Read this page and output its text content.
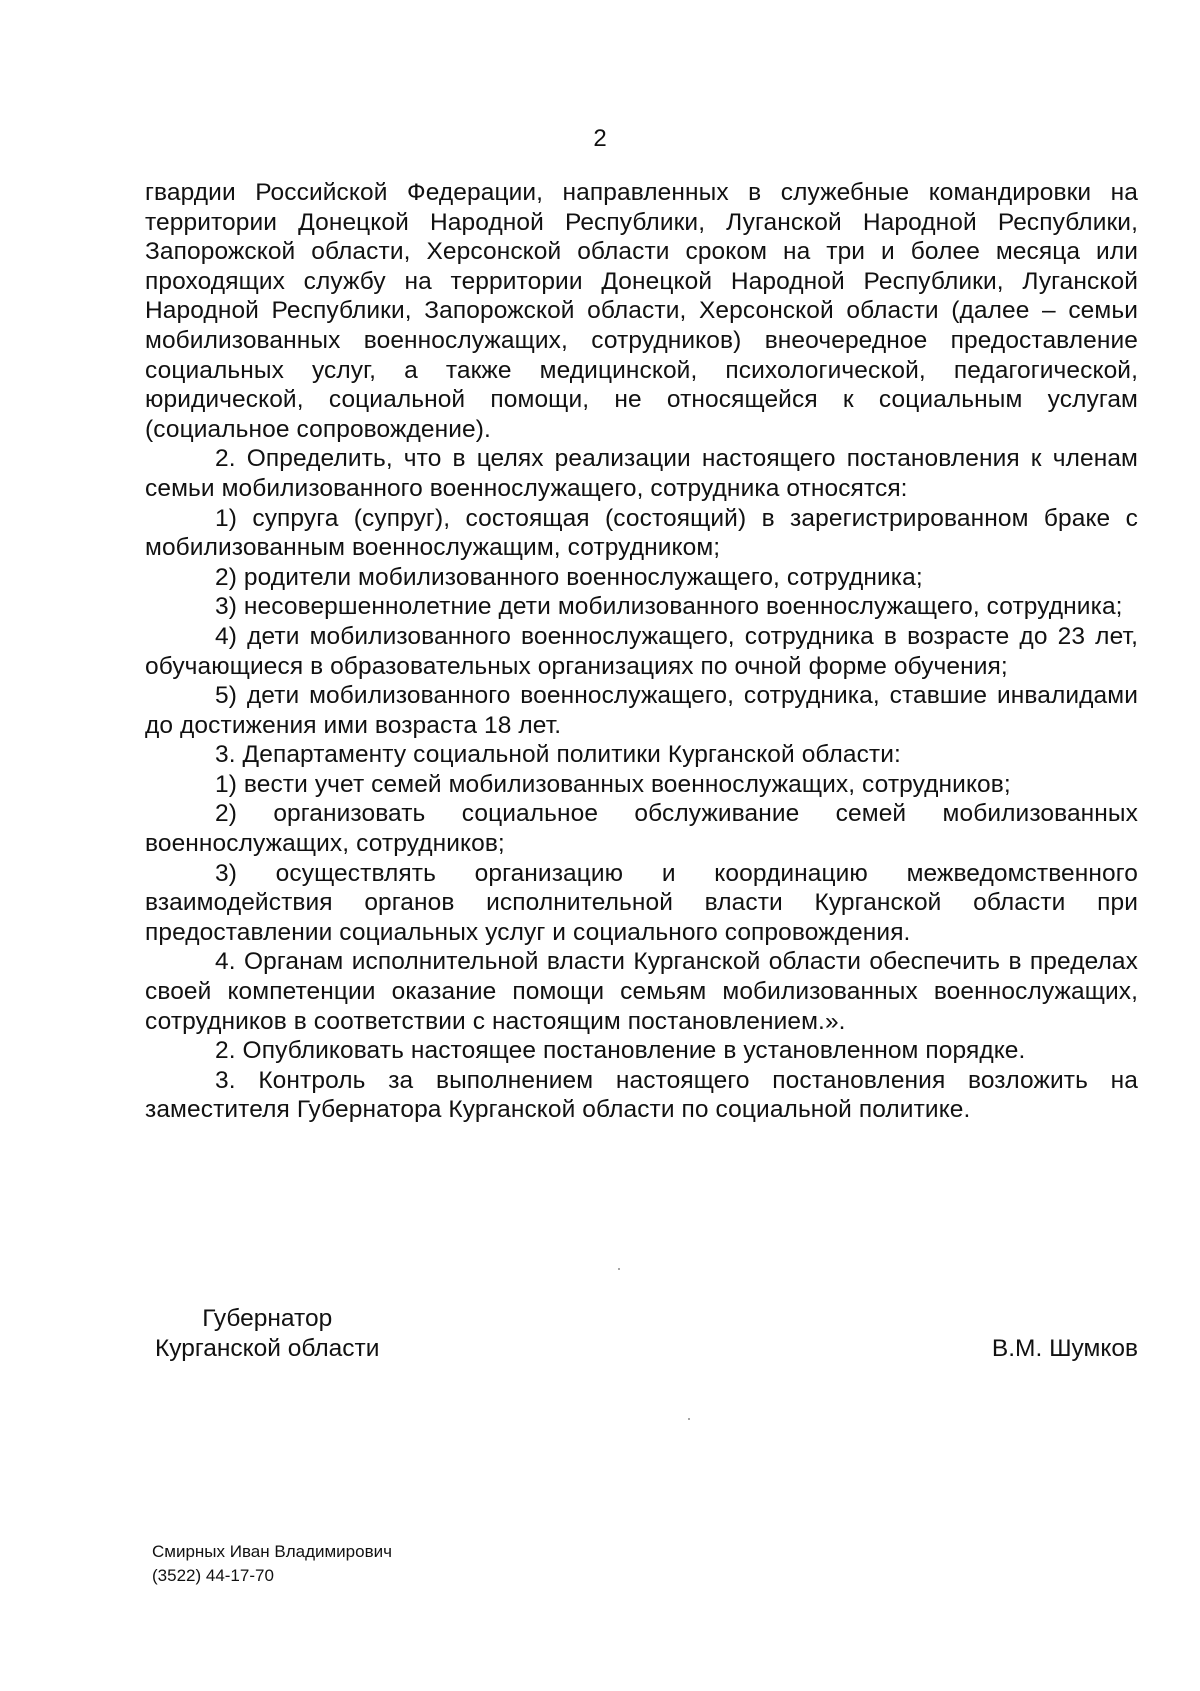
2

гвардии Российской Федерации, направленных в служебные командировки на территории Донецкой Народной Республики, Луганской Народной Республики, Запорожской области, Херсонской области сроком на три и более месяца или проходящих службу на территории Донецкой Народной Республики, Луганской Народной Республики, Запорожской области, Херсонской области (далее – семьи мобилизованных военнослужащих, сотрудников) внеочередное предоставление социальных услуг, а также медицинской, психологической, педагогической, юридической, социальной помощи, не относящейся к социальным услугам (социальное сопровождение).

2. Определить, что в целях реализации настоящего постановления к членам семьи мобилизованного военнослужащего, сотрудника относятся:

1) супруга (супруг), состоящая (состоящий) в зарегистрированном браке с мобилизованным военнослужащим, сотрудником;

2) родители мобилизованного военнослужащего, сотрудника;

3) несовершеннолетние дети мобилизованного военнослужащего, сотрудника;

4) дети мобилизованного военнослужащего, сотрудника в возрасте до 23 лет, обучающиеся в образовательных организациях по очной форме обучения;

5) дети мобилизованного военнослужащего, сотрудника, ставшие инвалидами до достижения ими возраста 18 лет.

3. Департаменту социальной политики Курганской области:

1) вести учет семей мобилизованных военнослужащих, сотрудников;

2) организовать социальное обслуживание семей мобилизованных военнослужащих, сотрудников;

3) осуществлять организацию и координацию межведомственного взаимодействия органов исполнительной власти Курганской области при предоставлении социальных услуг и социального сопровождения.

4. Органам исполнительной власти Курганской области обеспечить в пределах своей компетенции оказание помощи семьям мобилизованных военнослужащих, сотрудников в соответствии с настоящим постановлением.».

2. Опубликовать настоящее постановление в установленном порядке.

3. Контроль за выполнением настоящего постановления возложить на заместителя Губернатора Курганской области по социальной политике.

Губернатор
Курганской области	В.М. Шумков
Смирных Иван Владимирович
(3522) 44-17-70
